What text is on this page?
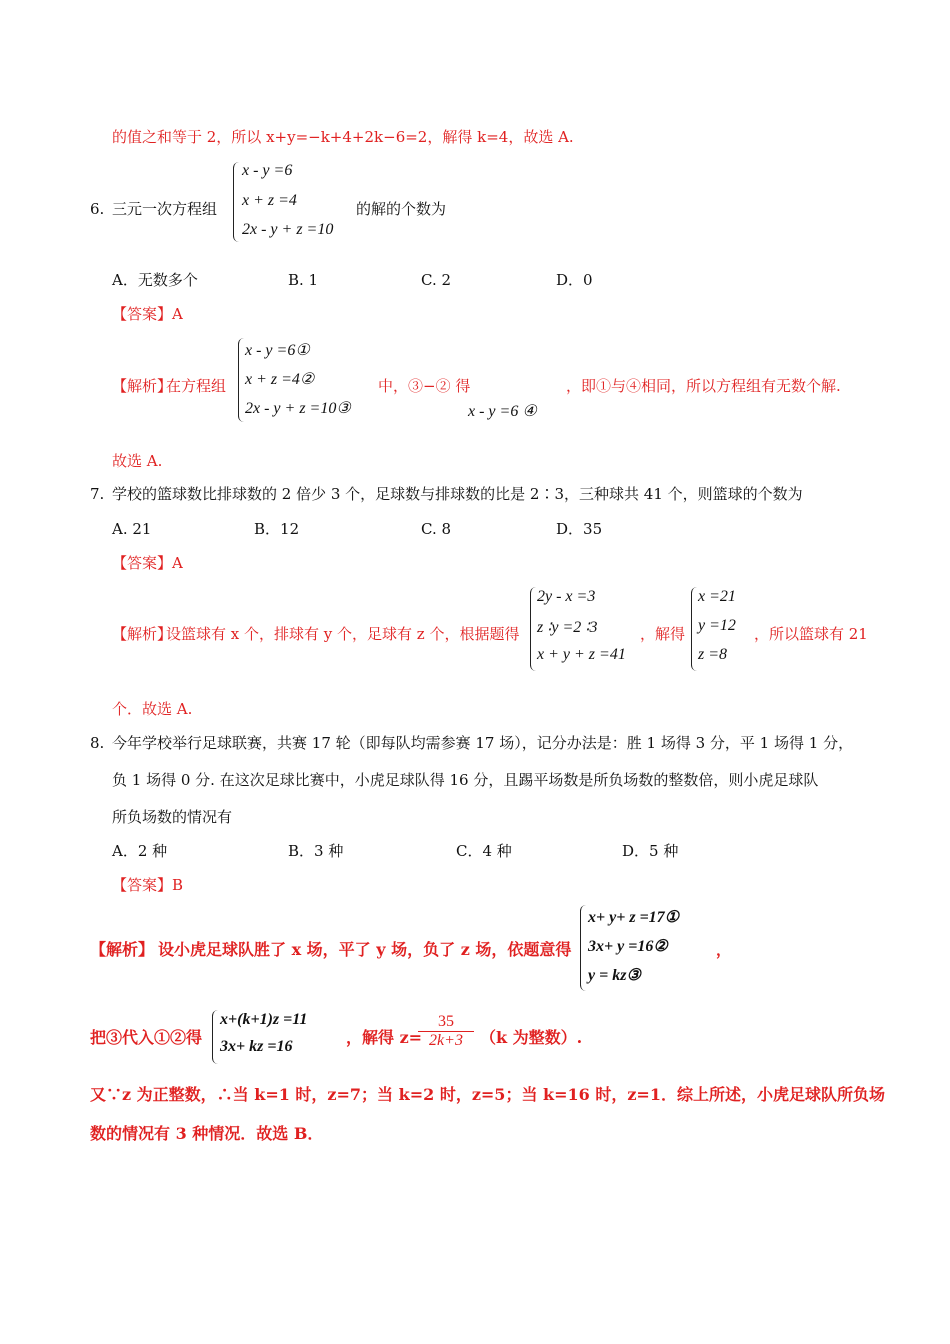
的值之和等于 2，所以 x+y=−k+4+2k−6=2，解得 k=4，故选 A.
6. 三元一次方程组
x - y =6
x + z =4
2x - y + z =10
的解的个数为
A．无数多个	B. 1	C. 2	D．0
【答案】A
【解析】
在方程组
x - y =6①
x + z =4②
2x - y + z =10③
中，③−② 得
x - y =6 ④
，即①与④相同，所以方程组有无数个解.
故选 A.
7. 学校的篮球数比排球数的 2 倍少 3 个，足球数与排球数的比是 2∶3，三种球共 41 个，则篮球的个数为
A. 21	B．12	C. 8	D．35
【答案】A
【解析】
设篮球有 x 个，排球有 y 个，足球有 z 个，根据题得
2y - x =3
z ∶y =2 ∶3
x + y + z =41
，解得
x =21
y =12
z =8
，所以篮球有 21
个．故选 A.
8. 今年学校举行足球联赛，共赛 17 轮（即每队均需参赛 17 场），记分办法是：胜 1 场得 3 分，平 1 场得 1 分，
负 1 场得 0 分. 在这次足球比赛中，小虎足球队得 16 分，且踢平场数是所负场数的整数倍，则小虎足球队
所负场数的情况有
A．2 种	B．3 种	C．4 种	D．5 种
【答案】B
【解析】 设小虎足球队胜了 x 场，平了 y 场，负了 z 场，依题意得
x+ y+ z =17①
3x+ y =16②
y = kz③
，
把③代入①②得
x+(k+1)z =11
3x+ kz =16	，解得 z=
$\frac{35}{2k+3} (k$ 为整数）.
又∵z 为正整数，∴当 k=1 时，z=7；当 k=2 时，z=5；当 k=16 时，z=1．综上所述，小虎足球队所负场
数的情况有 3 种情况．故选 B．
